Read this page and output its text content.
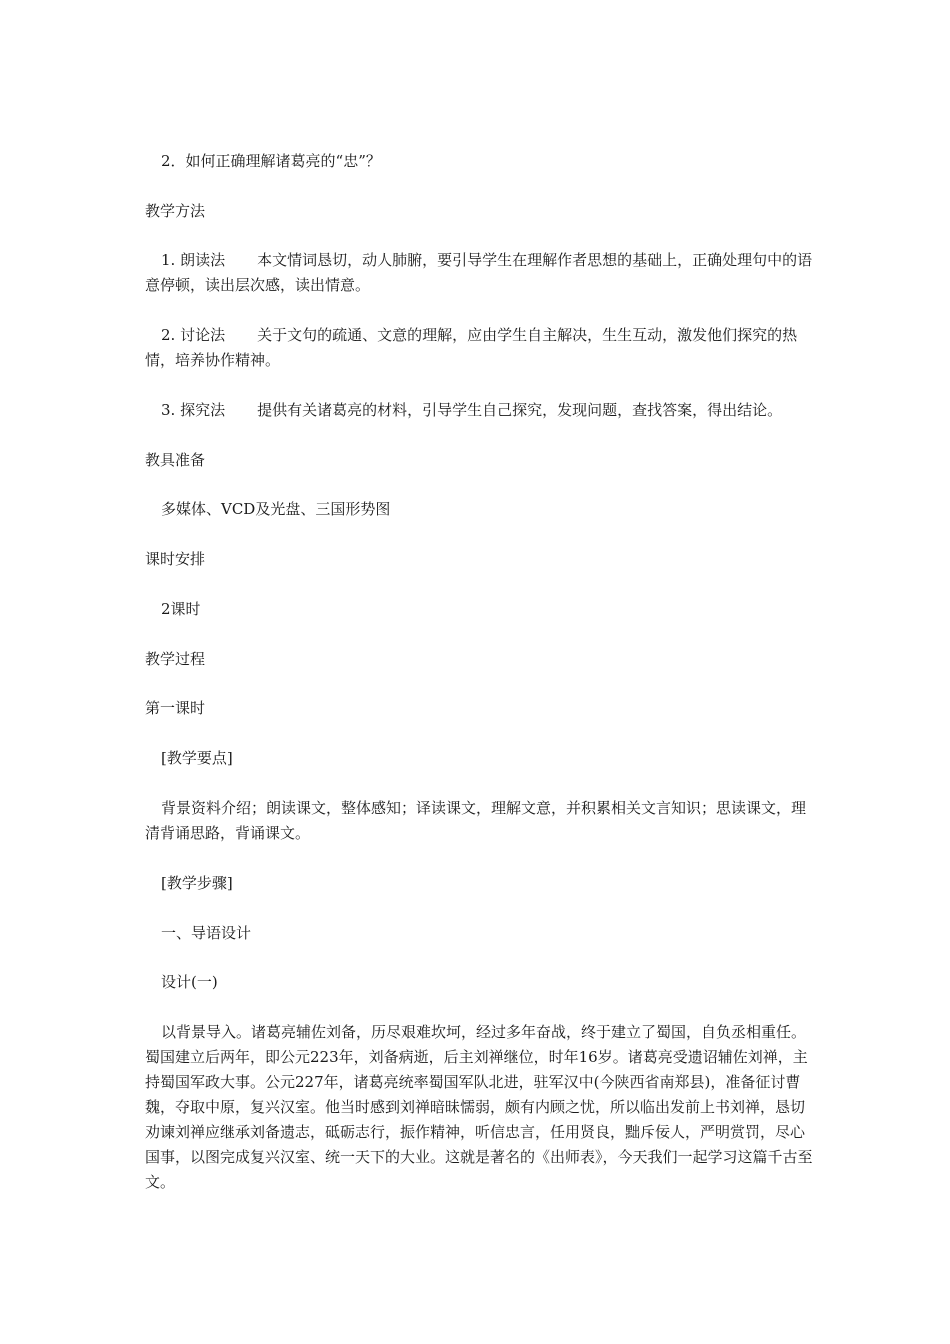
2．如何正确理解诸葛亮的“忠”？

教学方法

1. 朗读法 本文情词恳切，动人肺腑，要引导学生在理解作者思想的基础上，正确处理句中的语意停顿，读出层次感，读出情意。

2. 讨论法 关于文句的疏通、文意的理解，应由学生自主解决，生生互动，激发他们探究的热情，培养协作精神。

3. 探究法 提供有关诸葛亮的材料，引导学生自己探究，发现问题，查找答案，得出结论。

教具准备

多媒体、VCD及光盘、三国形势图

课时安排

2课时

教学过程

第一课时

[教学要点]

背景资料介绍；朗读课文，整体感知；译读课文，理解文意，并积累相关文言知识；思读课文，理清背诵思路，背诵课文。

[教学步骤]

一、导语设计

设计(一)

以背景导入。诸葛亮辅佐刘备，历尽艰难坎坷，经过多年奋战，终于建立了蜀国，自负丞相重任。蜀国建立后两年，即公元223年，刘备病逝，后主刘禅继位，时年16岁。诸葛亮受遗诏辅佐刘禅，主持蜀国军政大事。公元227年，诸葛亮统率蜀国军队北进，驻军汉中(今陕西省南郑县)，准备征讨曹魏，夺取中原，复兴汉室。他当时感到刘禅暗昧懦弱，颇有内顾之忧，所以临出发前上书刘禅，恳切劝谏刘禅应继承刘备遗志，砥砺志行，振作精神，听信忠言，任用贤良，黜斥佞人，严明赏罚，尽心国事，以图完成复兴汉室、统一天下的大业。这就是著名的《出师表》，今天我们一起学习这篇千古至文。
